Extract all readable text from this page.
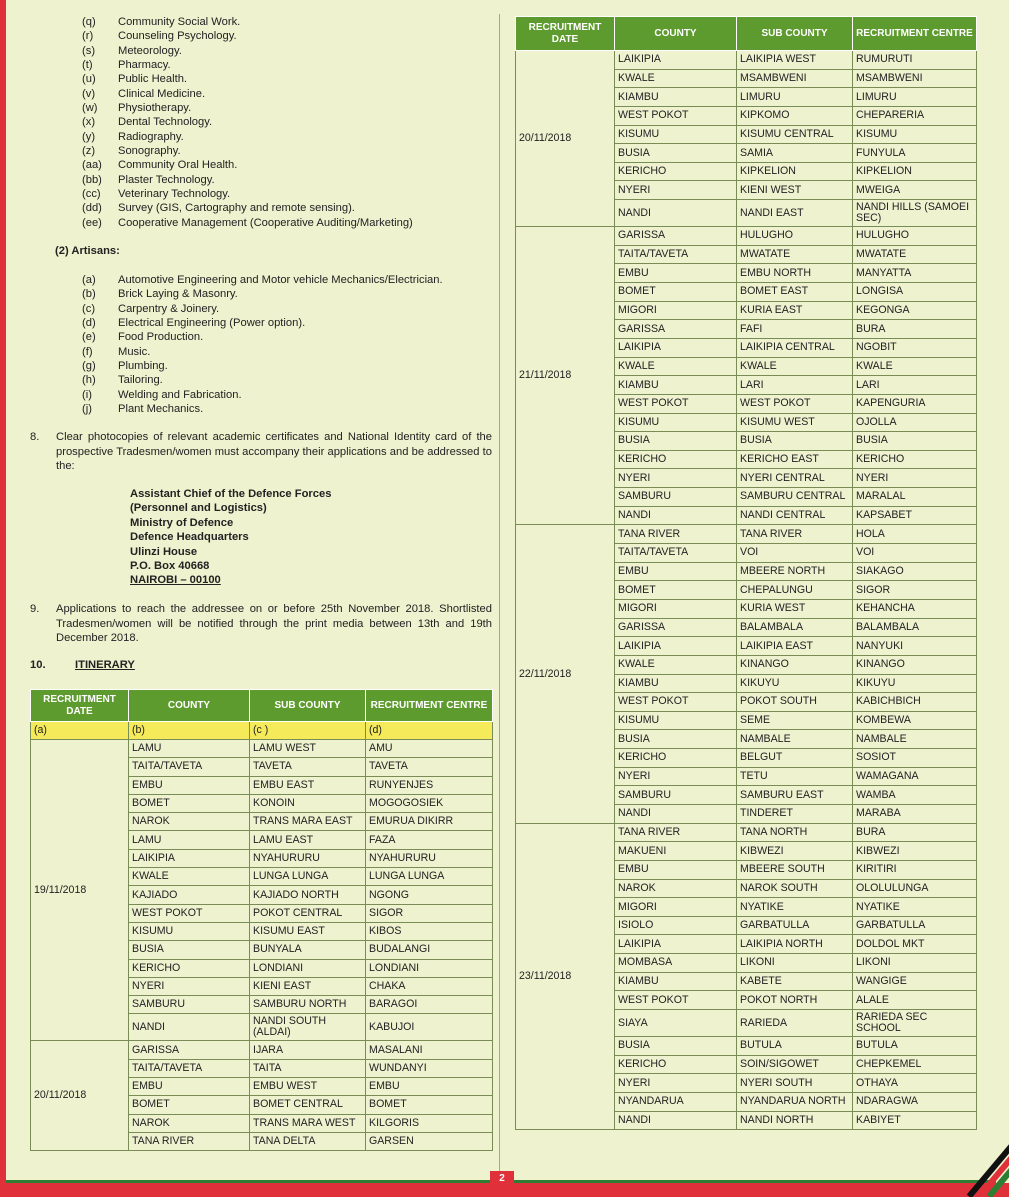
2
(q)	Community Social Work.
(r)	Counseling Psychology.
(s)	Meteorology.
(t)	Pharmacy.
(u)	Public Health.
(v)	Clinical Medicine.
(w)	Physiotherapy.
(x)	Dental Technology.
(y)	Radiography.
(z)	Sonography.
(aa)	Community Oral Health.
(bb)	Plaster Technology.
(cc)	Veterinary Technology.
(dd)	Survey (GIS, Cartography and remote sensing).
(ee)	Cooperative Management (Cooperative Auditing/Marketing)
(2) Artisans:
(a)	Automotive Engineering and Motor vehicle Mechanics/Electrician.
(b)	Brick Laying & Masonry.
(c)	Carpentry & Joinery.
(d)	Electrical Engineering (Power option).
(e)	Food Production.
(f)	Music.
(g)	Plumbing.
(h)	Tailoring.
(i)	Welding and Fabrication.
(j)	Plant Mechanics.
8. Clear photocopies of relevant academic certificates and National Identity card of the prospective Tradesmen/women must accompany their applications and be addressed to the:
Assistant Chief of the Defence Forces
(Personnel and Logistics)
Ministry of Defence
Defence Headquarters
Ulinzi House
P.O. Box 40668
NAIROBI – 00100
9. Applications to reach the addressee on or before 25th November 2018. Shortlisted Tradesmen/women will be notified through the print media between 13th and 19th December 2018.
10.	ITINERARY
RECRUITMENT DATE	COUNTY	SUB COUNTY	RECRUITMENT CENTRE
(a)	(b)	(c )	(d)
19/11/2018	LAMU	LAMU WEST	AMU
	TAITA/TAVETA	TAVETA	TAVETA
	EMBU	EMBU EAST	RUNYENJES
	BOMET	KONOIN	MOGOGOSIEK
	NAROK	TRANS MARA EAST	EMURUA DIKIRR
	LAMU	LAMU EAST	FAZA
	LAIKIPIA	NYAHURURU	NYAHURURU
	KWALE	LUNGA LUNGA	LUNGA LUNGA
	KAJIADO	KAJIADO NORTH	NGONG
	WEST POKOT	POKOT CENTRAL	SIGOR
	KISUMU	KISUMU EAST	KIBOS
	BUSIA	BUNYALA	BUDALANGI
	KERICHO	LONDIANI	LONDIANI
	NYERI	KIENI EAST	CHAKA
	SAMBURU	SAMBURU NORTH	BARAGOI
	NANDI	NANDI SOUTH (ALDAI)	KABUJOI
20/11/2018	GARISSA	IJARA	MASALANI
	TAITA/TAVETA	TAITA	WUNDANYI
	EMBU	EMBU WEST	EMBU
	BOMET	BOMET CENTRAL	BOMET
	NAROK	TRANS MARA WEST	KILGORIS
	TANA RIVER	TANA DELTA	GARSEN
RECRUITMENT DATE	COUNTY	SUB COUNTY	RECRUITMENT CENTRE
20/11/2018	LAIKIPIA	LAIKIPIA WEST	RUMURUTI
	KWALE	MSAMBWENI	MSAMBWENI
	KIAMBU	LIMURU	LIMURU
	WEST POKOT	KIPKOMO	CHEPARERIA
	KISUMU	KISUMU CENTRAL	KISUMU
	BUSIA	SAMIA	FUNYULA
	KERICHO	KIPKELION	KIPKELION
	NYERI	KIENI WEST	MWEIGA
	NANDI	NANDI EAST	NANDI HILLS (SAMOEI SEC)
21/11/2018	GARISSA	HULUGHO	HULUGHO
	TAITA/TAVETA	MWATATE	MWATATE
	EMBU	EMBU NORTH	MANYATTA
	BOMET	BOMET EAST	LONGISA
	MIGORI	KURIA EAST	KEGONGA
	GARISSA	FAFI	BURA
	LAIKIPIA	LAIKIPIA CENTRAL	NGOBIT
	KWALE	KWALE	KWALE
	KIAMBU	LARI	LARI
	WEST POKOT	WEST POKOT	KAPENGURIA
	KISUMU	KISUMU WEST	OJOLLA
	BUSIA	BUSIA	BUSIA
	KERICHO	KERICHO EAST	KERICHO
	NYERI	NYERI CENTRAL	NYERI
	SAMBURU	SAMBURU CENTRAL	MARALAL
	NANDI	NANDI CENTRAL	KAPSABET
22/11/2018	TANA RIVER	TANA RIVER	HOLA
	TAITA/TAVETA	VOI	VOI
	EMBU	MBEERE NORTH	SIAKAGO
	BOMET	CHEPALUNGU	SIGOR
	MIGORI	KURIA WEST	KEHANCHA
	GARISSA	BALAMBALA	BALAMBALA
	LAIKIPIA	LAIKIPIA EAST	NANYUKI
	KWALE	KINANGO	KINANGO
	KIAMBU	KIKUYU	KIKUYU
	WEST POKOT	POKOT SOUTH	KABICHBICH
	KISUMU	SEME	KOMBEWA
	BUSIA	NAMBALE	NAMBALE
	KERICHO	BELGUT	SOSIOT
	NYERI	TETU	WAMAGANA
	SAMBURU	SAMBURU EAST	WAMBA
	NANDI	TINDERET	MARABA
23/11/2018	TANA RIVER	TANA NORTH	BURA
	MAKUENI	KIBWEZI	KIBWEZI
	EMBU	MBEERE SOUTH	KIRITIRI
	NAROK	NAROK SOUTH	OLOLULUNGA
	MIGORI	NYATIKE	NYATIKE
	ISIOLO	GARBATULLA	GARBATULLA
	LAIKIPIA	LAIKIPIA NORTH	DOLDOL MKT
	MOMBASA	LIKONI	LIKONI
	KIAMBU	KABETE	WANGIGE
	WEST POKOT	POKOT NORTH	ALALE
	SIAYA	RARIEDA	RARIEDA SEC SCHOOL
	BUSIA	BUTULA	BUTULA
	KERICHO	SOIN/SIGOWET	CHEPKEMEL
	NYERI	NYERI SOUTH	OTHAYA
	NYANDARUA	NYANDARUA NORTH	NDARAGWA
	NANDI	NANDI NORTH	KABIYET
